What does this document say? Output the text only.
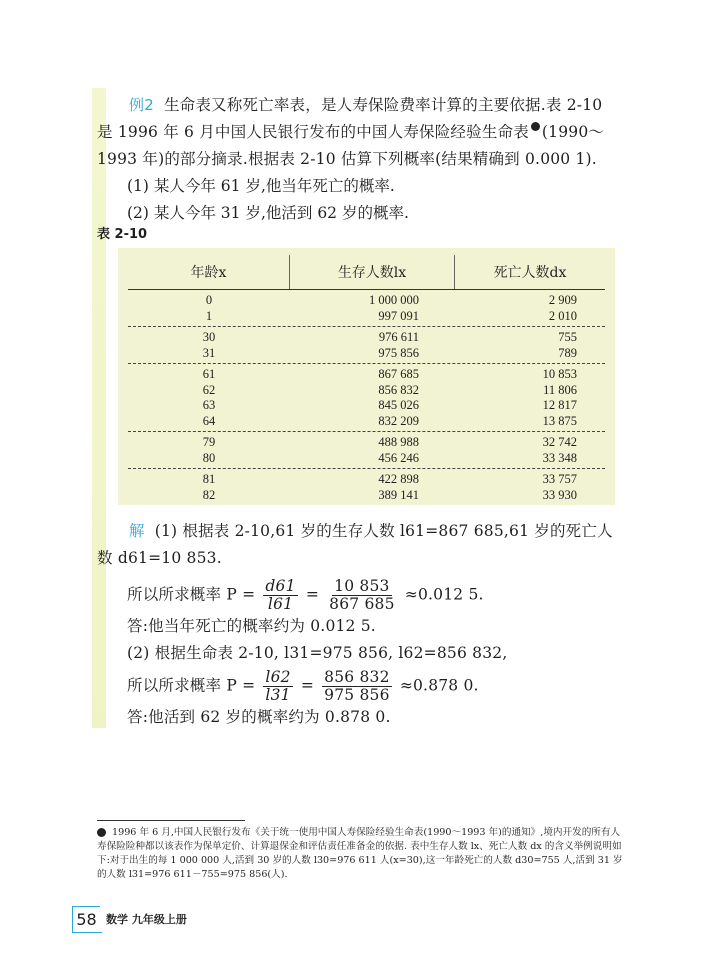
例2 生命表又称死亡率表，是人寿保险费率计算的主要依据.表 2-10 是 1996 年 6 月中国人民银行发布的中国人寿保险经验生命表 (1990～1993 年)的部分摘录.根据表 2-10 估算下列概率(结果精确到 0.000 1).

(1) 某人今年 61 岁,他当年死亡的概率.

(2) 某人今年 31 岁,他活到 62 岁的概率.

表 2-10
年龄x	生存人数lx	死亡人数dx
0	1 000 000	2 909
1	997 091	2 010
30	976 611	755
31	975 856	789
61	867 685	10 853
62	856 832	11 806
63	845 026	12 817
64	832 209	13 875
79	488 988	32 742
80	456 246	33 348
81	422 898	33 757
82	389 141	33 930

解 (1) 根据表 2-10,61 岁的生存人数 l61=867 685,61 岁的死亡人数 d61=10 853.

所以所求概率 $P = \frac{d61}{l61} = \frac{10 853}{867 685} \approx 0.012$ 5.

答:他当年死亡的概率约为 0.012 5.

(2) 根据生命表 2-10, l31=975 856, l62=856 832,

所以所求概率 $P = \frac{l62}{l31} = \frac{856 832}{975 856} \approx 0.878$ 0.

答:他活到 62 岁的概率约为 0.878 0.

1996 年 6 月,中国人民银行发布《关于统一使用中国人寿保险经验生命表(1990～1993 年)的通知》,境内开发的所有人寿保险险种都以该表作为保单定价、计算退保金和评估责任准备金的依据. 表中生存人数 lx、死亡人数 dx 的含义举例说明如下:对于出生的每 1 000 000 人,活到 30 岁的人数 l30=976 611 人(x=30),这一年龄死亡的人数 d30=755 人,活到 31 岁的人数 l31=976 611－755=975 856(人).
58 数学 九年级上册
